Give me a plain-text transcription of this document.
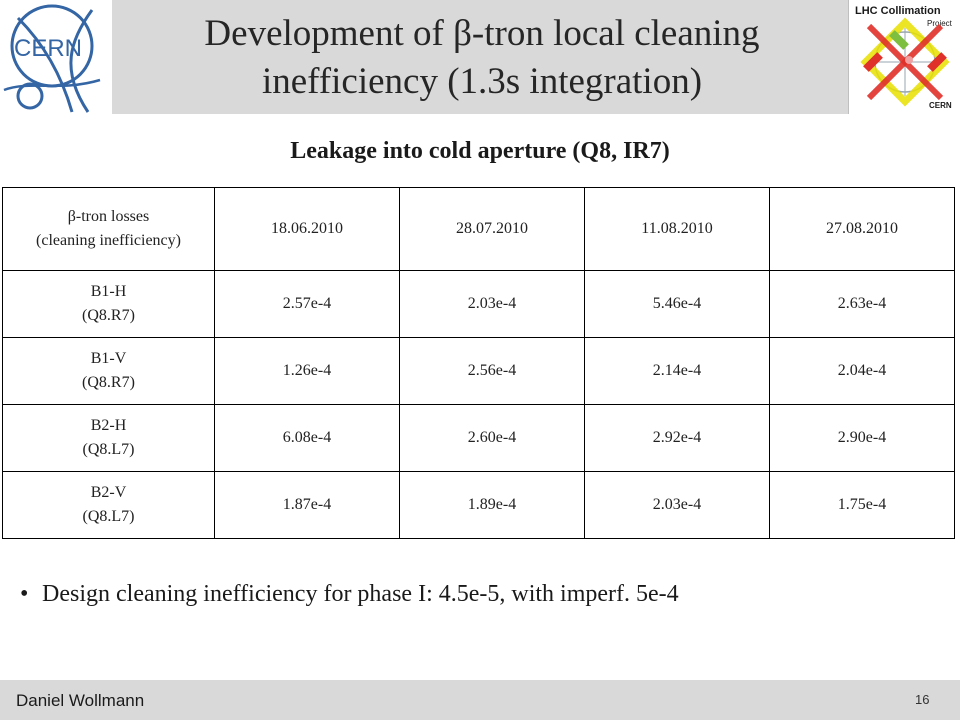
CERN	Development of β-tron local cleaning
inefficiency (1.3s integration)
LHC Collimation
Project
CERN
Leakage into cold aperture (Q8, IR7)
β-tron losses
(cleaning inefficiency)	18.06.2010	28.07.2010	11.08.2010	27.08.2010

B1-H
(Q8.R7)	2.57e-4	2.03e-4	5.46e-4	2.63e-4

B1-V
(Q8.R7)	1.26e-4	2.56e-4	2.14e-4	2.04e-4

B2-H
(Q8.L7)	6.08e-4	2.60e-4	2.92e-4	2.90e-4

B2-V
(Q8.L7)	1.87e-4	1.89e-4	2.03e-4	1.75e-4
• Design cleaning inefficiency for phase I: 4.5e-5, with imperf. 5e-4
Daniel Wollmann	16
